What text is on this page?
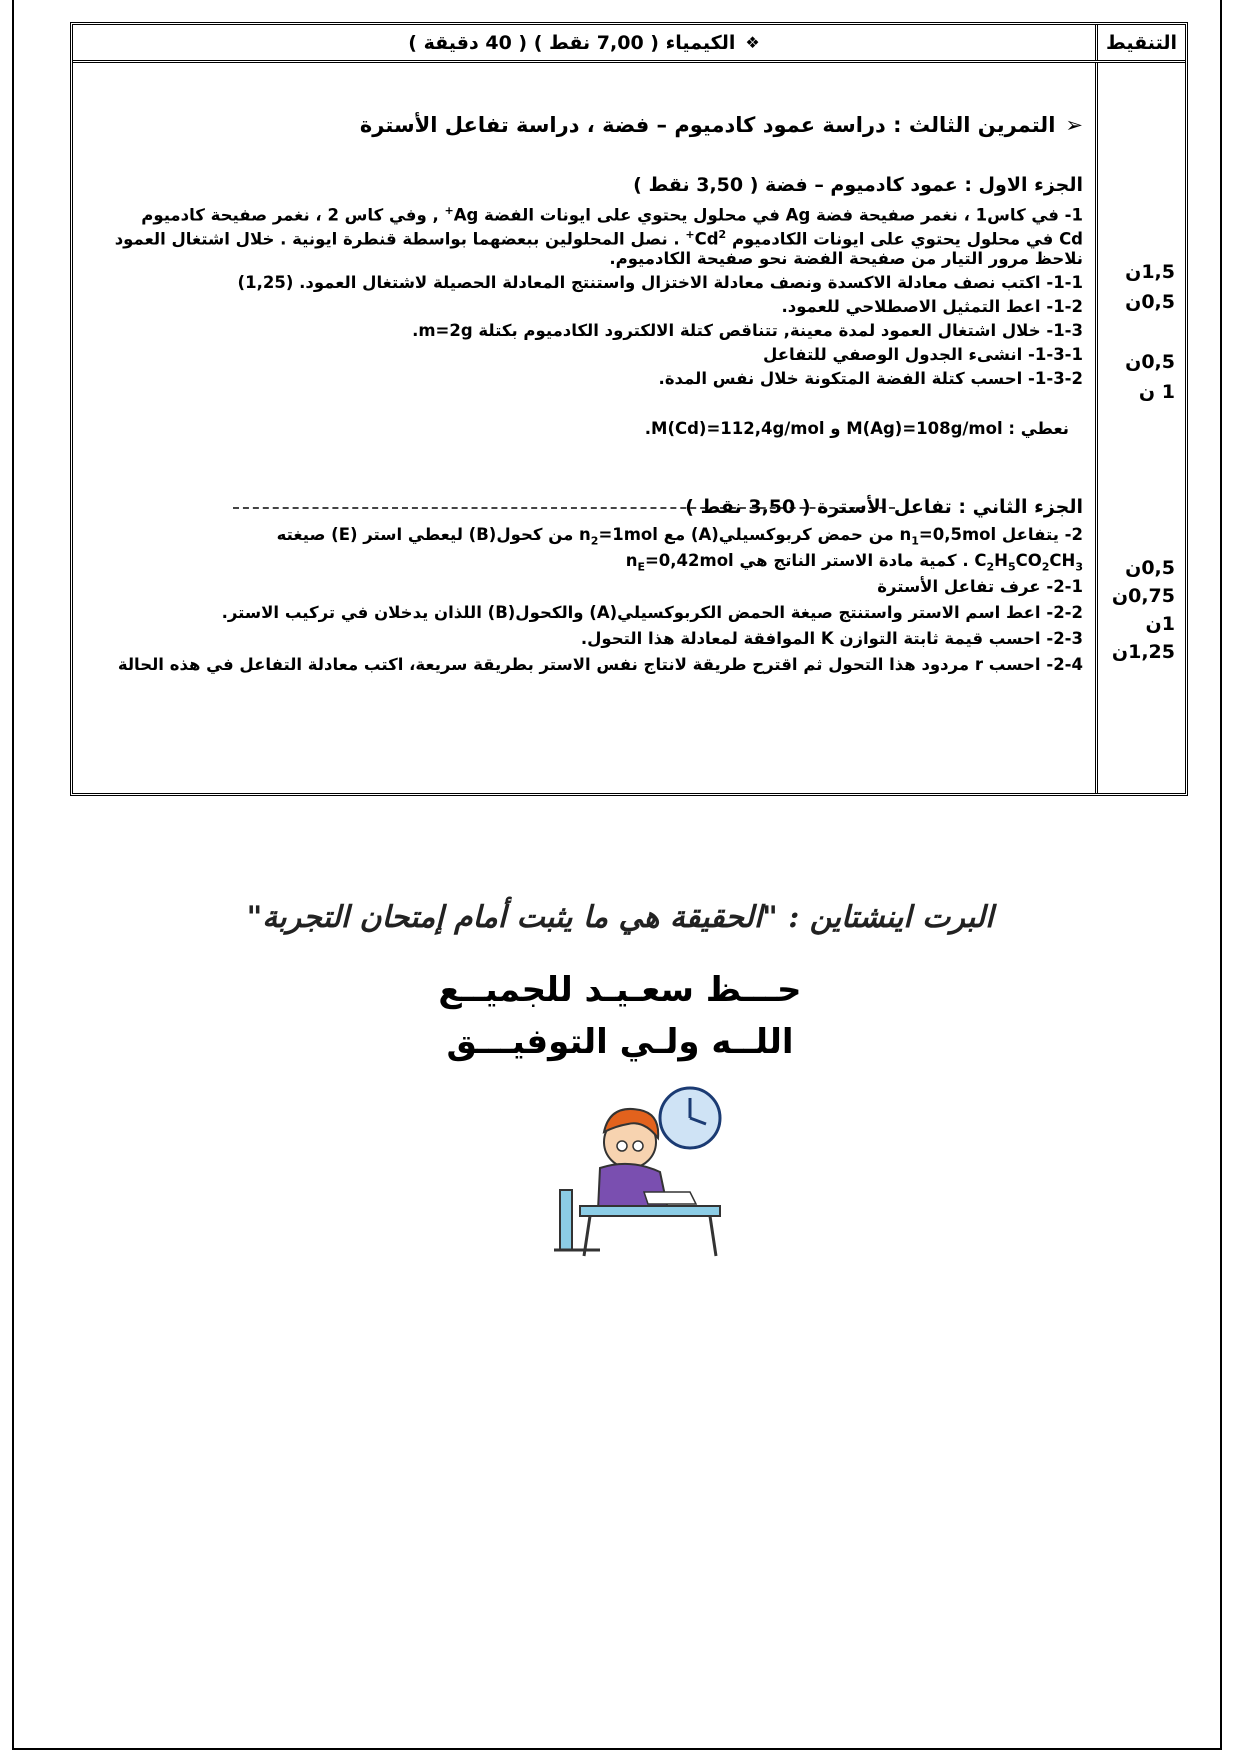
التنقيط
❖
الكيمياء ( 7,00 نقط ) ( 40 دقيقة )
1,5ن
0,5ن
0,5ن
1 ن
0,5ن
0,75ن
1ن
1,25ن
➢التمرين الثالث : دراسة عمود كادميوم – فضة ، دراسة تفاعل الأسترة
الجزء الاول : عمود كادميوم – فضة ( 3,50 نقط )
1- في كاس1 ، نغمر صفيحة فضة Ag في محلول يحتوي على ايونات الفضة Ag+ , وفي كاس 2 ، نغمر صفيحة كادميوم
Cd في محلول يحتوي على ايونات الكادميوم $Cd^{2+}$ . نصل المحلولين ببعضهما بواسطة قنطرة ايونية . خلال اشتغال العمود
نلاحظ مرور التيار من صفيحة الفضة نحو صفيحة الكادميوم.
1-1- اكتب نصف معادلة الاكسدة ونصف معادلة الاختزال واستنتج المعادلة الحصيلة لاشتغال العمود. (1,25)
1-2- اعط التمثيل الاصطلاحي للعمود.
1-3- خلال اشتغال العمود لمدة معينة, تتناقص كتلة الالكترود الكادميوم بكتلة m=2g.
1-3-1- انشىء الجدول الوصفي للتفاعل
1-3-2- احسب كتلة الفضة المتكونة خلال نفس المدة.
نعطي : M(Ag)=108g/mol و M(Cd)=112,4g/mol.
الجزء الثاني : تفاعل الأسترة ( 3,50 نقط )
2- يتفاعل $n_1=0,5mol$ من حمض كربوكسيلي(A) مع $n_2=1mol$ من كحول(B) ليعطي استر (E) صيغته
$C_2H_5CO_2CH_3$ . كمية مادة الاستر الناتج هي $n_E=0,42mol$
2-1- عرف تفاعل الأسترة
2-2- اعط اسم الاستر واستنتج صيغة الحمض الكربوكسيلي(A) والكحول(B) اللذان يدخلان في تركيب الاستر.
2-3- احسب قيمة ثابتة التوازن K الموافقة لمعادلة هذا التحول.
2-4- احسب r مردود هذا التحول ثم اقترح طريقة لانتاج نفس الاستر بطريقة سريعة، اكتب معادلة التفاعل في هذه الحالة
البرت اينشتاين : "الحقيقة هي ما يثبت أمام إمتحان التجربة"
حـــظ سعـيـد للجميــع
اللــه ولـي التوفيـــق
